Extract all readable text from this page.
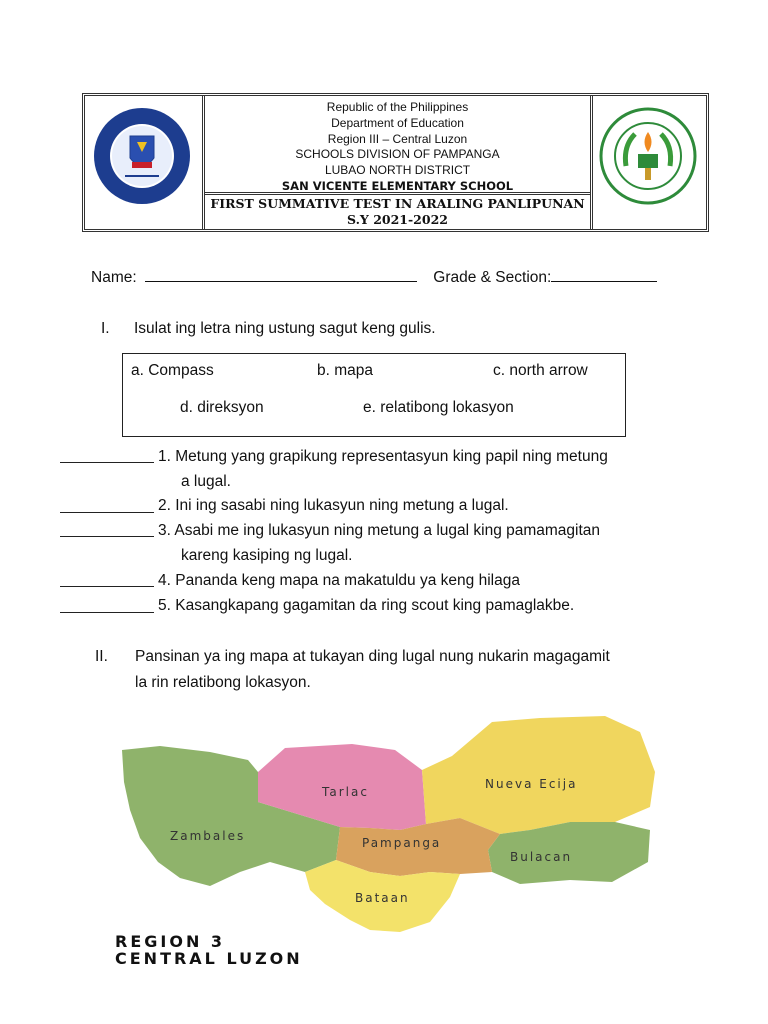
Republic of the Philippines
Department of Education
Region III – Central Luzon
SCHOOLS DIVISION OF PAMPANGA
LUBAO NORTH DISTRICT
SAN VICENTE ELEMENTARY SCHOOL
FIRST SUMMATIVE TEST IN ARALING PANLIPUNAN
S.Y 2021-2022
Name:	Grade & Section:
I. Isulat ing letra ning ustung sagut keng gulis.
a. Compass	b. mapa	c. north arrow
d. direksyon	e. relatibong lokasyon
1. Metung yang grapikung representasyun king papil ning metung
a lugal.
2. Ini ing sasabi ning lukasyun ning metung a lugal.
3. Asabi me ing lukasyun ning metung a lugal king pamamagitan
kareng kasiping ng lugal.
4. Pananda keng mapa na makatuldu ya keng hilaga
5. Kasangkapang gagamitan da ring scout king pamaglakbe.
II. Pansinan ya ing mapa at tukayan ding lugal nung nukarin magagamit
la rin relatibong lokasyon.
Tarlac
Nueva Ecija
Zambales	Pampanga
Bulacan
Bataan
REGION 3
CENTRAL LUZON
